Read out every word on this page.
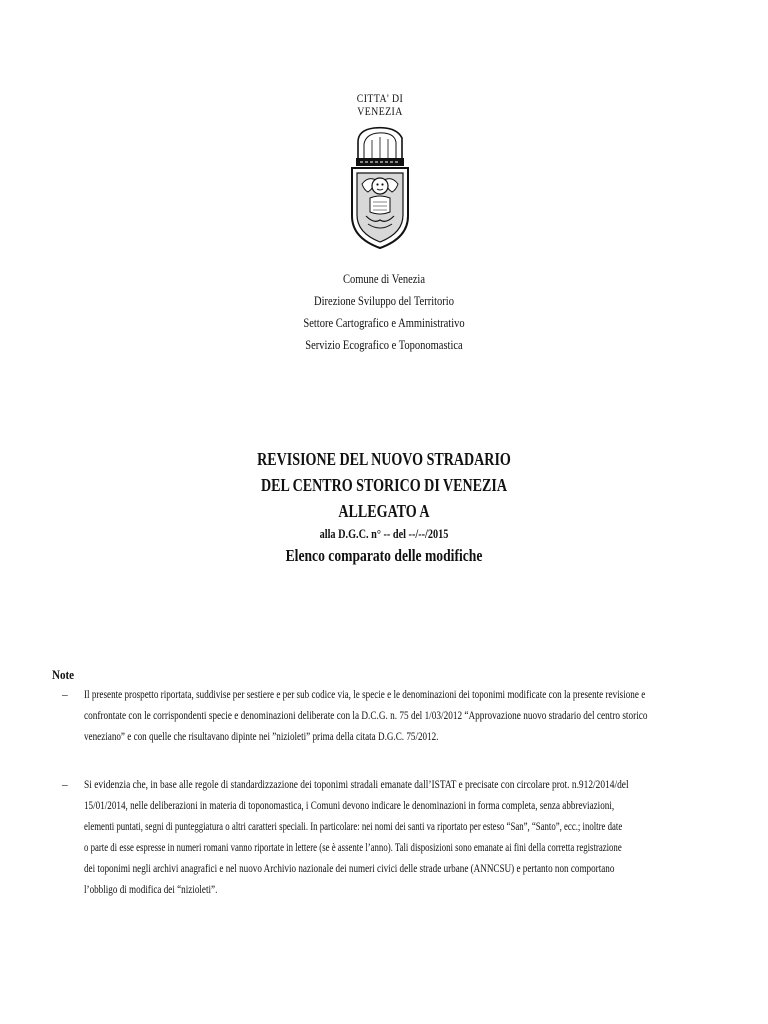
CITTA' DI
VENEZIA
Comune di Venezia
Direzione Sviluppo del Territorio
Settore Cartografico e Amministrativo
Servizio Ecografico e Toponomastica
REVISIONE DEL NUOVO STRADARIO
DEL CENTRO STORICO DI VENEZIA
ALLEGATO A
alla D.G.C. n° -- del --/--/2015
Elenco comparato delle modifiche
Note
–	Il presente prospetto riportata, suddivise per sestiere e per sub codice via, le specie e le denominazioni dei toponimi modificate con la presente revisione e
confrontate con le corrispondenti specie e denominazioni deliberate con la D.C.G. n. 75 del 1/03/2012 “Approvazione nuovo stradario del centro storico
veneziano” e con quelle che risultavano dipinte nei ”nizioleti” prima della citata D.G.C. 75/2012.
–	Si evidenzia che, in base alle regole di standardizzazione dei toponimi stradali emanate dall’ISTAT e precisate con circolare prot. n.912/2014/del
15/01/2014, nelle deliberazioni in materia di toponomastica, i Comuni devono indicare le denominazioni in forma completa, senza abbreviazioni,
elementi puntati, segni di punteggiatura o altri caratteri speciali. In particolare: nei nomi dei santi va riportato per esteso “San”, “Santo”, ecc.; inoltre date
o parte di esse espresse in numeri romani vanno riportate in lettere (se è assente l’anno). Tali disposizioni sono emanate ai fini della corretta registrazione
dei toponimi negli archivi anagrafici e nel nuovo Archivio nazionale dei numeri civici delle strade urbane (ANNCSU) e pertanto non comportano
l’obbligo di modifica dei “nizioleti”.
